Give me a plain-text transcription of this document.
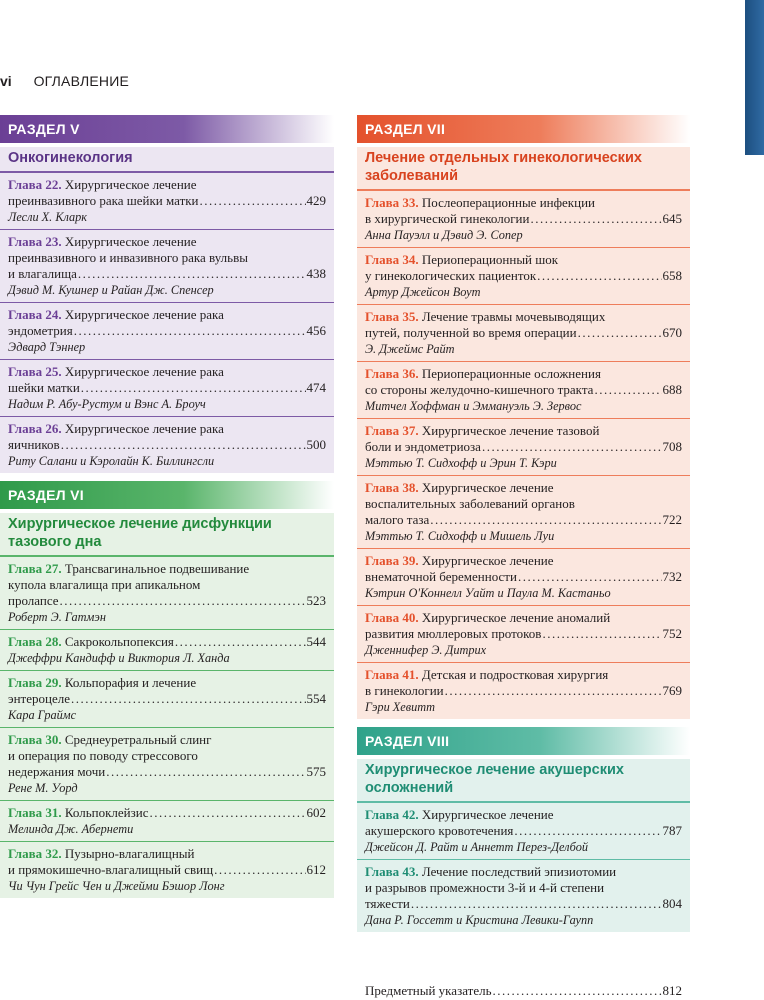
vi ОГЛАВЛЕНИЕ
РАЗДЕЛ V
Онкогинекология
Глава 22. Хирургическое лечение
преинвазивного рака шейки матки .....	429
Лесли Х. Кларк
Глава 23. Хирургическое лечение
преинвазивного и инвазивного рака вульвы
и влагалища .....	438
Дэвид М. Кушнер и Райан Дж. Спенсер
Глава 24. Хирургическое лечение рака
эндометрия .....	456
Эдвард Тэннер
Глава 25. Хирургическое лечение рака
шейки матки .....	474
Надим Р. Абу-Рустум и Вэнс А. Броуч
Глава 26. Хирургическое лечение рака
яичников .....	500
Риту Салани и Кэролайн К. Биллингсли
РАЗДЕЛ VI
Хирургическое лечение дисфункции тазового дна
Глава 27. Трансвагинальное подвешивание
купола влагалища при апикальном
пролапсе .....	523
Роберт Э. Гатмэн
Глава 28. Сакрокольпопексия .....	544
Джеффри Кандифф и Виктория Л. Ханда
Глава 29. Кольпорафия и лечение
энтероцеле .....	554
Кара Граймс
Глава 30. Среднеуретральный слинг
и операция по поводу стрессового
недержания мочи .....	575
Рене М. Уорд
Глава 31. Кольпоклейзис .....	602
Мелинда Дж. Абернети
Глава 32. Пузырно-влагалищный
и прямокишечно-влагалищный свищ .....	612
Чи Чун Грейс Чен и Джейми Бэшор Лонг
РАЗДЕЛ VII
Лечение отдельных гинекологических заболеваний
Глава 33. Послеоперационные инфекции
в хирургической гинекологии .....	645
Анна Пауэлл и Дэвид Э. Сопер
Глава 34. Периоперационный шок
у гинекологических пациенток .....	658
Артур Джейсон Воут
Глава 35. Лечение травмы мочевыводящих
путей, полученной во время операции .....	670
Э. Джеймс Райт
Глава 36. Периоперационные осложнения
со стороны желудочно-кишечного тракта .....	688
Митчел Хоффман и Эммануэль Э. Зервос
Глава 37. Хирургическое лечение тазовой
боли и эндометриоза .....	708
Мэттью Т. Сидхофф и Эрин Т. Кэри
Глава 38. Хирургическое лечение
воспалительных заболеваний органов
малого таза .....	722
Мэттью Т. Сидхофф и Мишель Луи
Глава 39. Хирургическое лечение
внематочной беременности .....	732
Кэтрин О'Коннелл Уайт и Паула М. Кастаньо
Глава 40. Хирургическое лечение аномалий
развития мюллеровых протоков .....	752
Дженнифер Э. Дитрих
Глава 41. Детская и подростковая хирургия
в гинекологии .....	769
Гэри Хевитт
РАЗДЕЛ VIII
Хирургическое лечение акушерских осложнений
Глава 42. Хирургическое лечение
акушерского кровотечения .....	787
Джейсон Д. Райт и Аннетт Перез-Делбой
Глава 43. Лечение последствий эпизиотомии
и разрывов промежности 3-й и 4-й степени
тяжести .....	804
Дана Р. Госсетт и Кристина Левики-Гаупп
Предметный указатель .....	812
